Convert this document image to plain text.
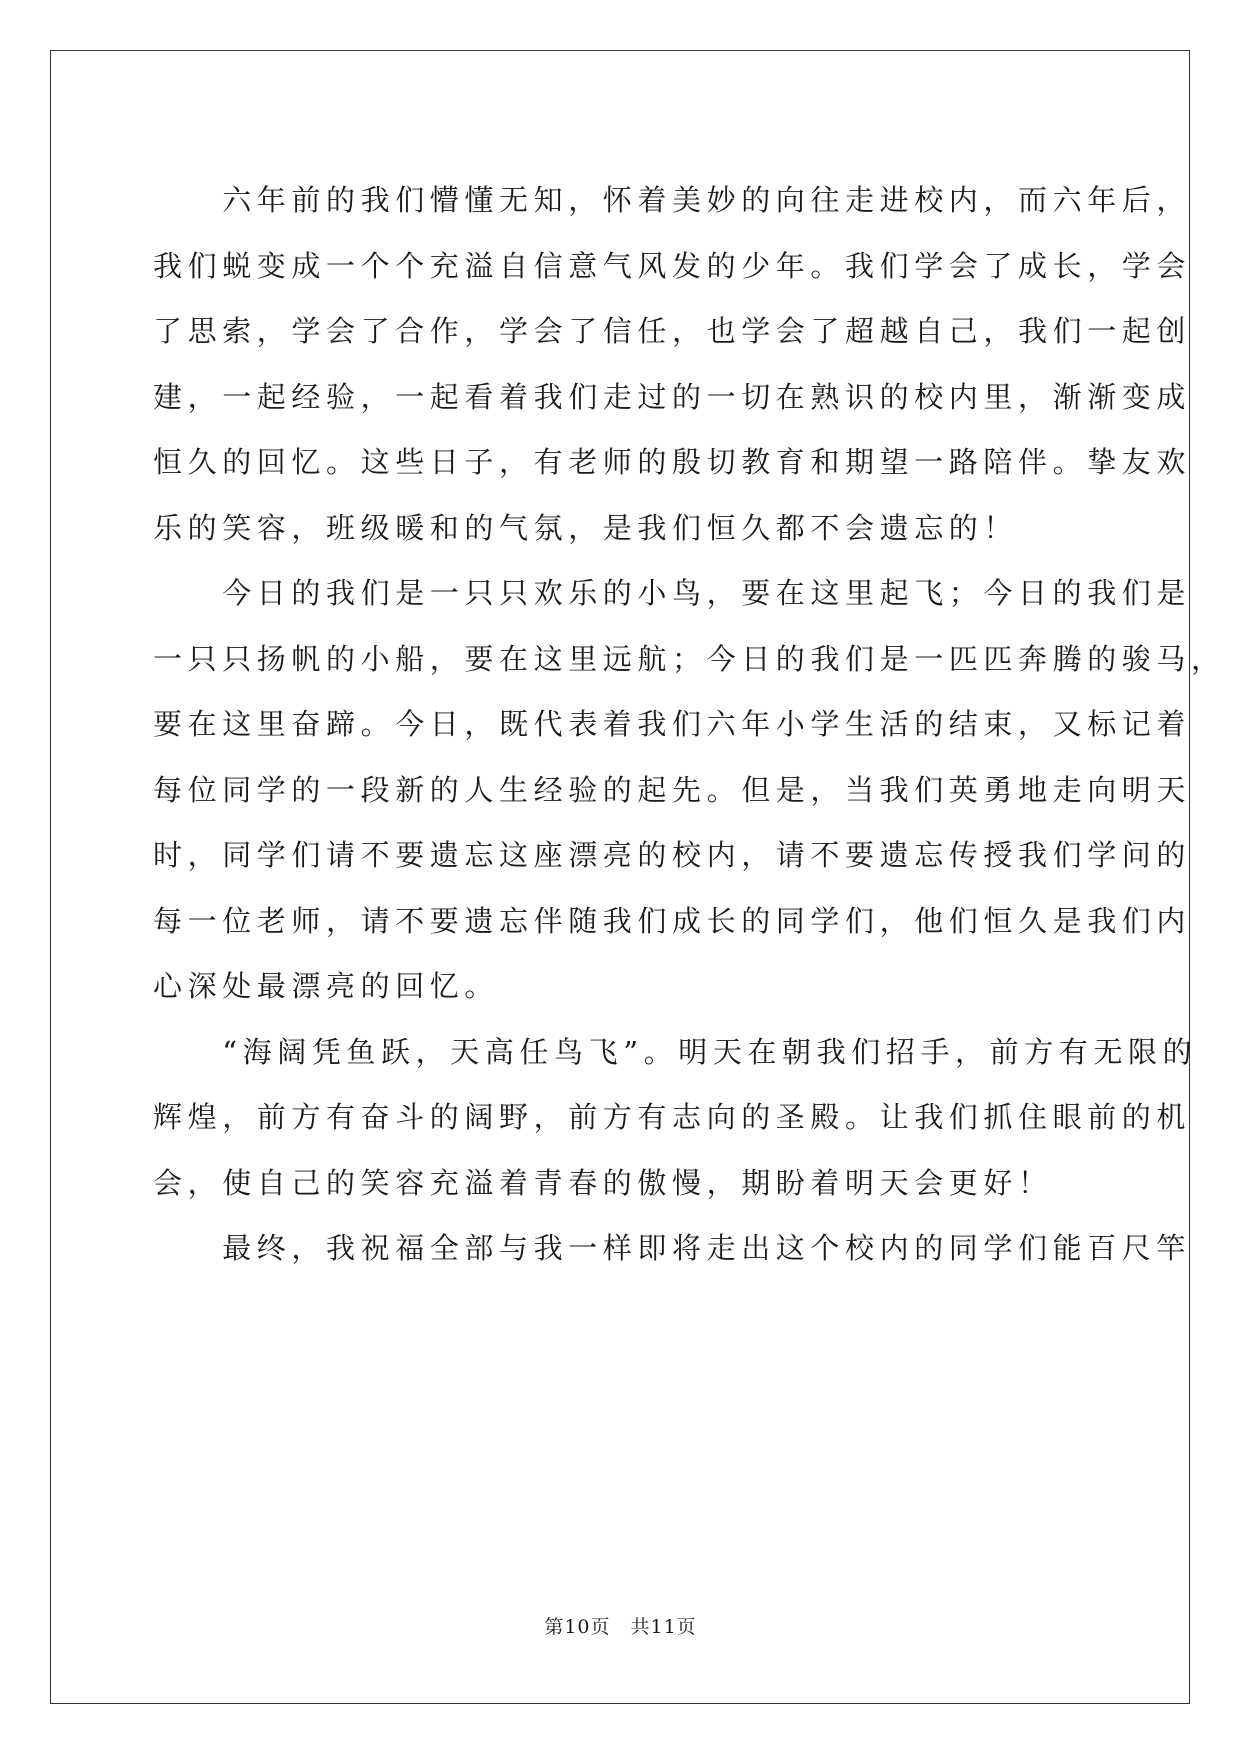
　　六年前的我们懵懂无知，怀着美妙的向往走进校内，而六年后，
我们蜕变成一个个充溢自信意气风发的少年。我们学会了成长，学会
了思索，学会了合作，学会了信任，也学会了超越自己，我们一起创
建，一起经验，一起看着我们走过的一切在熟识的校内里，渐渐变成
恒久的回忆。这些日子，有老师的殷切教育和期望一路陪伴。挚友欢
乐的笑容，班级暖和的气氛，是我们恒久都不会遗忘的！
　　今日的我们是一只只欢乐的小鸟，要在这里起飞；今日的我们是
一只只扬帆的小船，要在这里远航；今日的我们是一匹匹奔腾的骏马，
要在这里奋蹄。今日，既代表着我们六年小学生活的结束，又标记着
每位同学的一段新的人生经验的起先。但是，当我们英勇地走向明天
时，同学们请不要遗忘这座漂亮的校内，请不要遗忘传授我们学问的
每一位老师，请不要遗忘伴随我们成长的同学们，他们恒久是我们内
心深处最漂亮的回忆。
　　“海阔凭鱼跃，天高任鸟飞”。明天在朝我们招手，前方有无限的
辉煌，前方有奋斗的阔野，前方有志向的圣殿。让我们抓住眼前的机
会，使自己的笑容充溢着青春的傲慢，期盼着明天会更好！
　　最终，我祝福全部与我一样即将走出这个校内的同学们能百尺竿
第10页　共11页
